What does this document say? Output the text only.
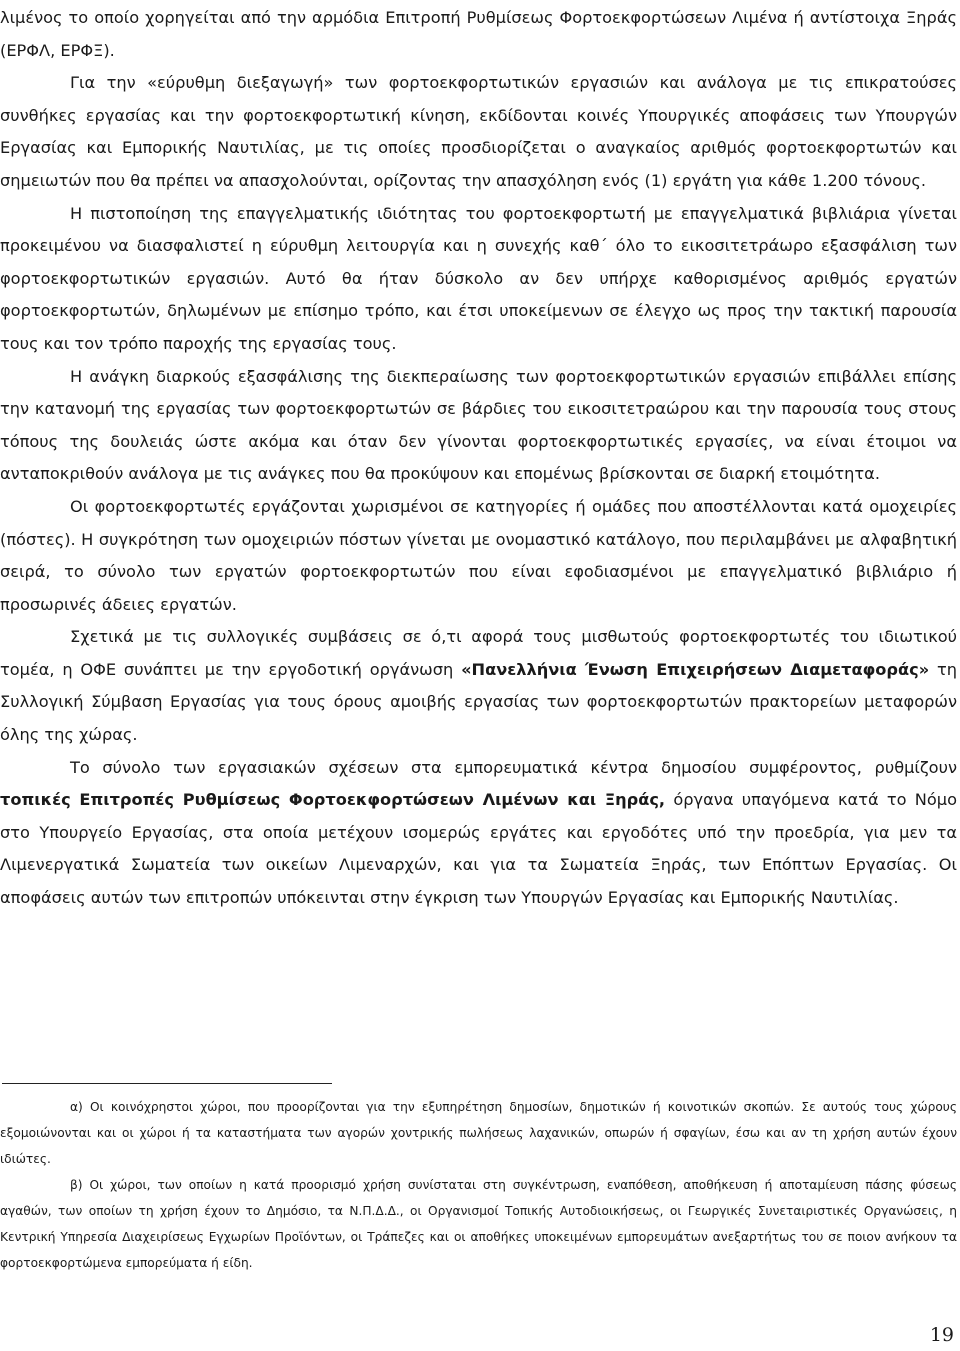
λιμένος το οποίο χορηγείται από την αρμόδια Επιτροπή Ρυθμίσεως Φορτοεκφορτώσεων Λιμένα ή αντίστοιχα Ξηράς (ΕΡΦΛ, ΕΡΦΞ).

Για την «εύρυθμη διεξαγωγή» των φορτοεκφορτωτικών εργασιών και ανάλογα με τις επικρατούσες συνθήκες εργασίας και την φορτοεκφορτωτική κίνηση, εκδίδονται κοινές Υπουργικές αποφάσεις των Υπουργών Εργασίας και Εμπορικής Ναυτιλίας, με τις οποίες προσδιορίζεται ο αναγκαίος αριθμός φορτοεκφορτωτών και σημειωτών που θα πρέπει να απασχολούνται, ορίζοντας την απασχόληση ενός (1) εργάτη για κάθε 1.200 τόνους.

Η πιστοποίηση της επαγγελματικής ιδιότητας του φορτοεκφορτωτή με επαγγελματικά βιβλιάρια γίνεται προκειμένου να διασφαλιστεί η εύρυθμη λειτουργία και η συνεχής καθ΄ όλο το εικοσιτετράωρο εξασφάλιση των φορτοεκφορτωτικών εργασιών. Αυτό θα ήταν δύσκολο αν δεν υπήρχε καθορισμένος αριθμός εργατών φορτοεκφορτωτών, δηλωμένων με επίσημο τρόπο, και έτσι υποκείμενων σε έλεγχο ως προς την τακτική παρουσία τους και τον τρόπο παροχής της εργασίας τους.

Η ανάγκη διαρκούς εξασφάλισης της διεκπεραίωσης των φορτοεκφορτωτικών εργασιών επιβάλλει επίσης την κατανομή της εργασίας των φορτοεκφορτωτών σε βάρδιες του εικοσιτετραώρου και την παρουσία τους στους τόπους της δουλειάς ώστε ακόμα και όταν δεν γίνονται φορτοεκφορτωτικές εργασίες, να είναι έτοιμοι να ανταποκριθούν ανάλογα με τις ανάγκες που θα προκύψουν και επομένως βρίσκονται σε διαρκή ετοιμότητα.

Οι φορτοεκφορτωτές εργάζονται χωρισμένοι σε κατηγορίες ή ομάδες που αποστέλλονται κατά ομοχειρίες (πόστες). Η συγκρότηση των ομοχειριών πόστων γίνεται με ονομαστικό κατάλογο, που περιλαμβάνει με αλφαβητική σειρά, το σύνολο των εργατών φορτοεκφορτωτών που είναι εφοδιασμένοι με επαγγελματικό βιβλιάριο ή προσωρινές άδειες εργατών.

Σχετικά με τις συλλογικές συμβάσεις σε ό,τι αφορά τους μισθωτούς φορτοεκφορτωτές του ιδιωτικού τομέα, η ΟΦΕ συνάπτει με την εργοδοτική οργάνωση «Πανελλήνια Ένωση Επιχειρήσεων Διαμεταφοράς» τη Συλλογική Σύμβαση Εργασίας για τους όρους αμοιβής εργασίας των φορτοεκφορτωτών πρακτορείων μεταφορών όλης της χώρας.

Το σύνολο των εργασιακών σχέσεων στα εμπορευματικά κέντρα δημοσίου συμφέροντος, ρυθμίζουν τοπικές Επιτροπές Ρυθμίσεως Φορτοεκφορτώσεων Λιμένων και Ξηράς, όργανα υπαγόμενα κατά το Νόμο στο Υπουργείο Εργασίας, στα οποία μετέχουν ισομερώς εργάτες και εργοδότες υπό την προεδρία, για μεν τα Λιμενεργατικά Σωματεία των οικείων Λιμεναρχών, και για τα Σωματεία Ξηράς, των Επόπτων Εργασίας. Οι αποφάσεις αυτών των επιτροπών υπόκεινται στην έγκριση των Υπουργών Εργασίας και Εμπορικής Ναυτιλίας.

α) Οι κοινόχρηστοι χώροι, που προορίζονται για την εξυπηρέτηση δημοσίων, δημοτικών ή κοινοτικών σκοπών. Σε αυτούς τους χώρους εξομοιώνονται και οι χώροι ή τα καταστήματα των αγορών χοντρικής πωλήσεως λαχανικών, οπωρών ή σφαγίων, έσω και αν τη χρήση αυτών έχουν ιδιώτες.

β) Οι χώροι, των οποίων η κατά προορισμό χρήση συνίσταται στη συγκέντρωση, εναπόθεση, αποθήκευση ή αποταμίευση πάσης φύσεως αγαθών, των οποίων τη χρήση έχουν το Δημόσιο, τα Ν.Π.Δ.Δ., οι Οργανισμοί Τοπικής Αυτοδιοικήσεως, οι Γεωργικές Συνεταιριστικές Οργανώσεις, η Κεντρική Υπηρεσία Διαχειρίσεως Εγχωρίων Προϊόντων, οι Τράπεζες και οι αποθήκες υποκειμένων εμπορευμάτων ανεξαρτήτως του σε ποιον ανήκουν τα φορτοεκφορτώμενα εμπορεύματα ή είδη.

19
